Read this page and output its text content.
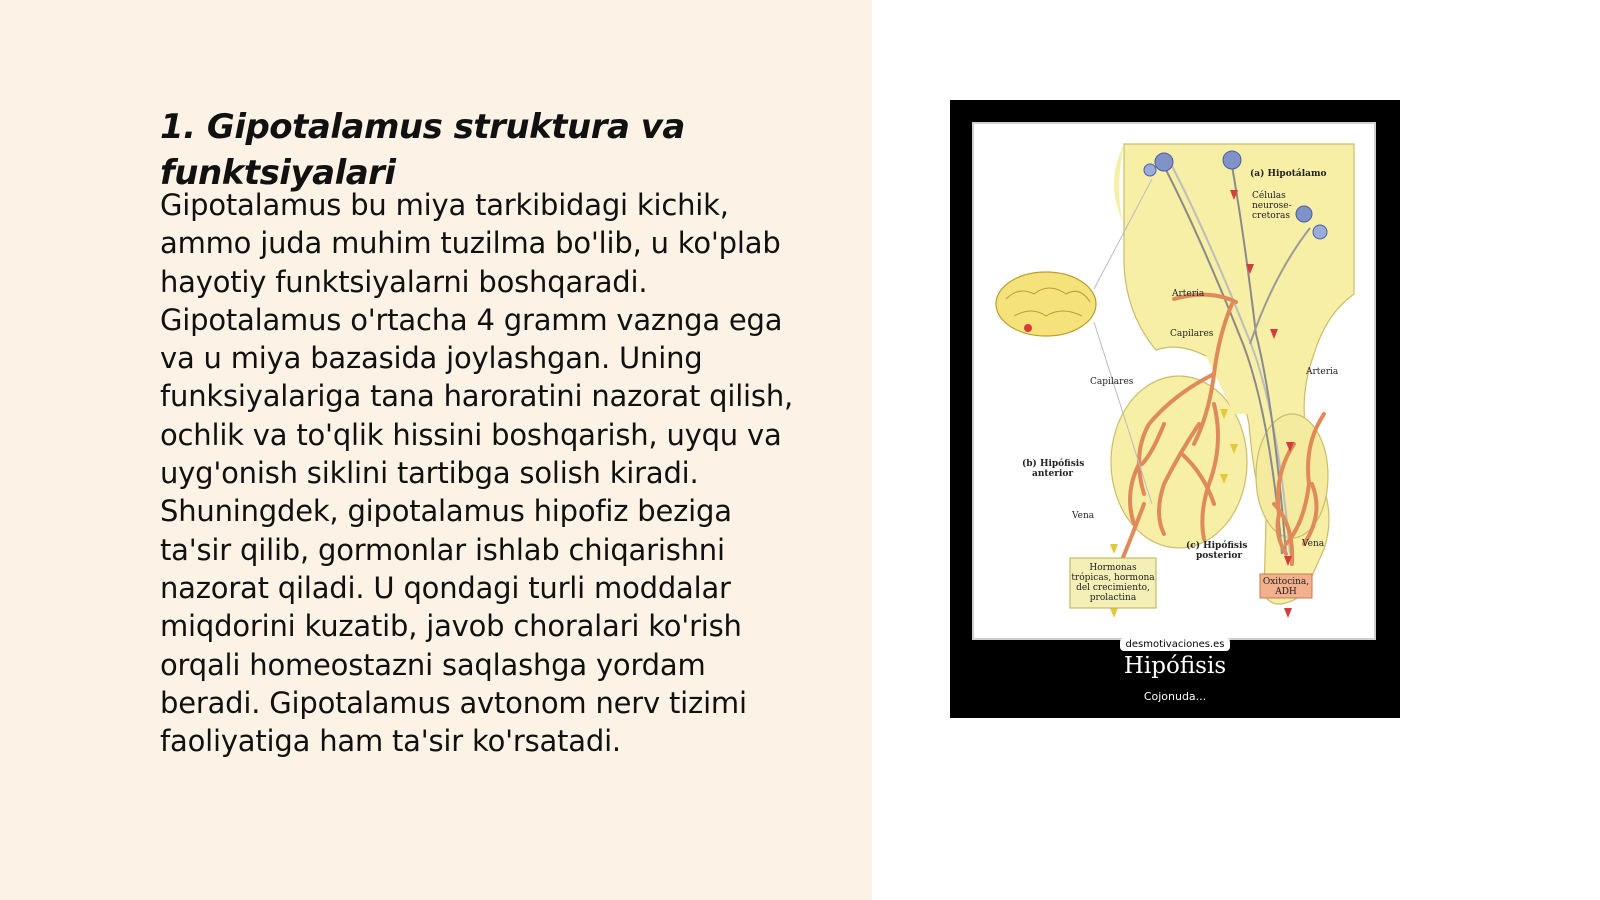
1. Gipotalamus struktura va funktsiyalari
Gipotalamus bu miya tarkibidagi kichik,
ammo juda muhim tuzilma bo'lib, u ko'plab
hayotiy funktsiyalarni boshqaradi.
Gipotalamus o'rtacha 4 gramm vaznga ega
va u miya bazasida joylashgan. Uning
funksiyalariga tana haroratini nazorat qilish,
ochlik va to'qlik hissini boshqarish, uyqu va
uyg'onish siklini tartibga solish kiradi.
Shuningdek, gipotalamus hipofiz beziga
ta'sir qilib, gormonlar ishlab chiqarishni
nazorat qiladi. U qondagi turli moddalar
miqdorini kuzatib, javob choralari ko'rish
orqali homeostazni saqlashga yordam
beradi. Gipotalamus avtonom nerv tizimi
faoliyatiga ham ta'sir ko'rsatadi.
(a) Hipotálamo
Células
neurose-
cretoras
Arteria
Capilares
Capilares
Arteria
(b) Hipófisis
anterior
Vena
(c) Hipófisis
posterior
Vena
Hormonas
trópicas, hormona
del crecimiento,
prolactina
Oxitocina,
ADH
desmotivaciones.es
Hipófisis
Cojonuda...
